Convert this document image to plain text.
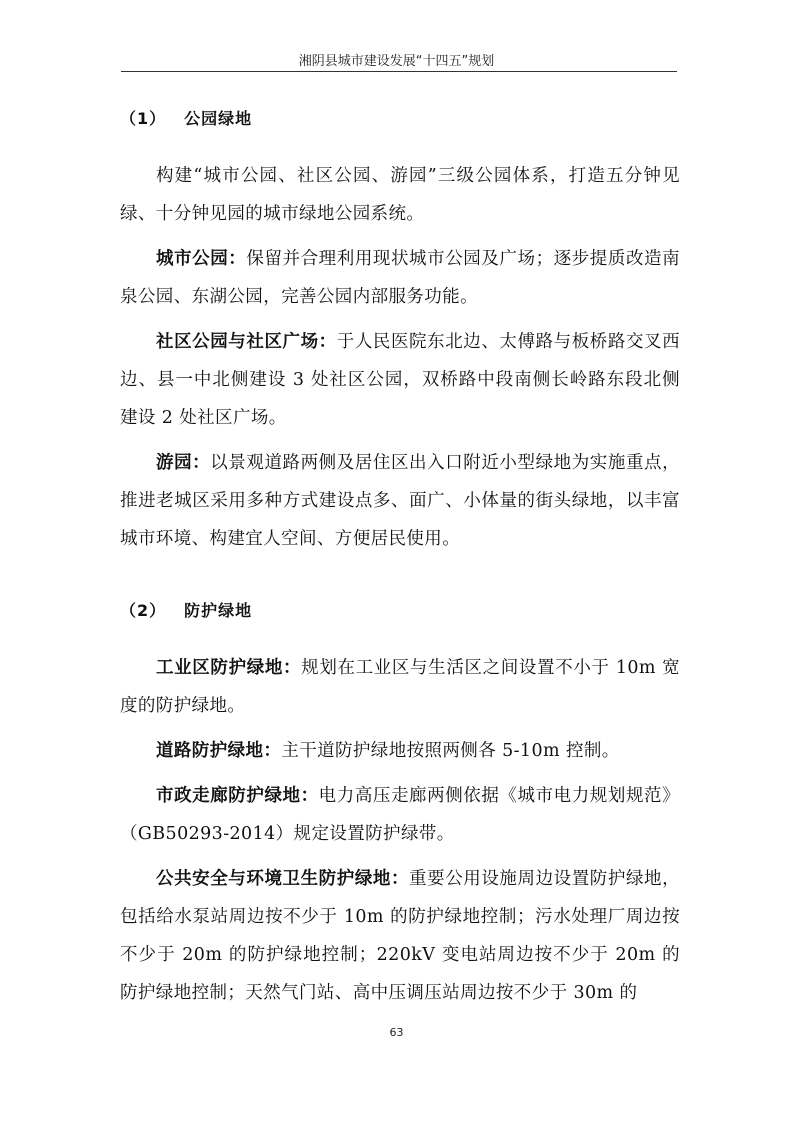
湘阴县城市建设发展“十四五”规划
（1） 公园绿地

构建“城市公园、社区公园、游园”三级公园体系，打造五分钟见绿、十分钟见园的城市绿地公园系统。

城市公园：保留并合理利用现状城市公园及广场；逐步提质改造南泉公园、东湖公园，完善公园内部服务功能。

社区公园与社区广场：于人民医院东北边、太傅路与板桥路交叉西边、县一中北侧建设 3 处社区公园，双桥路中段南侧长岭路东段北侧建设 2 处社区广场。

游园：以景观道路两侧及居住区出入口附近小型绿地为实施重点，推进老城区采用多种方式建设点多、面广、小体量的街头绿地，以丰富城市环境、构建宜人空间、方便居民使用。

（2） 防护绿地

工业区防护绿地：规划在工业区与生活区之间设置不小于 10m 宽度的防护绿地。

道路防护绿地：主干道防护绿地按照两侧各 5-10m 控制。

市政走廊防护绿地：电力高压走廊两侧依据《城市电力规划规范》（GB50293-2014）规定设置防护绿带。

公共安全与环境卫生防护绿地：重要公用设施周边设置防护绿地，包括给水泵站周边按不少于 10m 的防护绿地控制；污水处理厂周边按不少于 20m 的防护绿地控制；220kV 变电站周边按不少于 20m 的防护绿地控制；天然气门站、高中压调压站周边按不少于 30m 的

63
